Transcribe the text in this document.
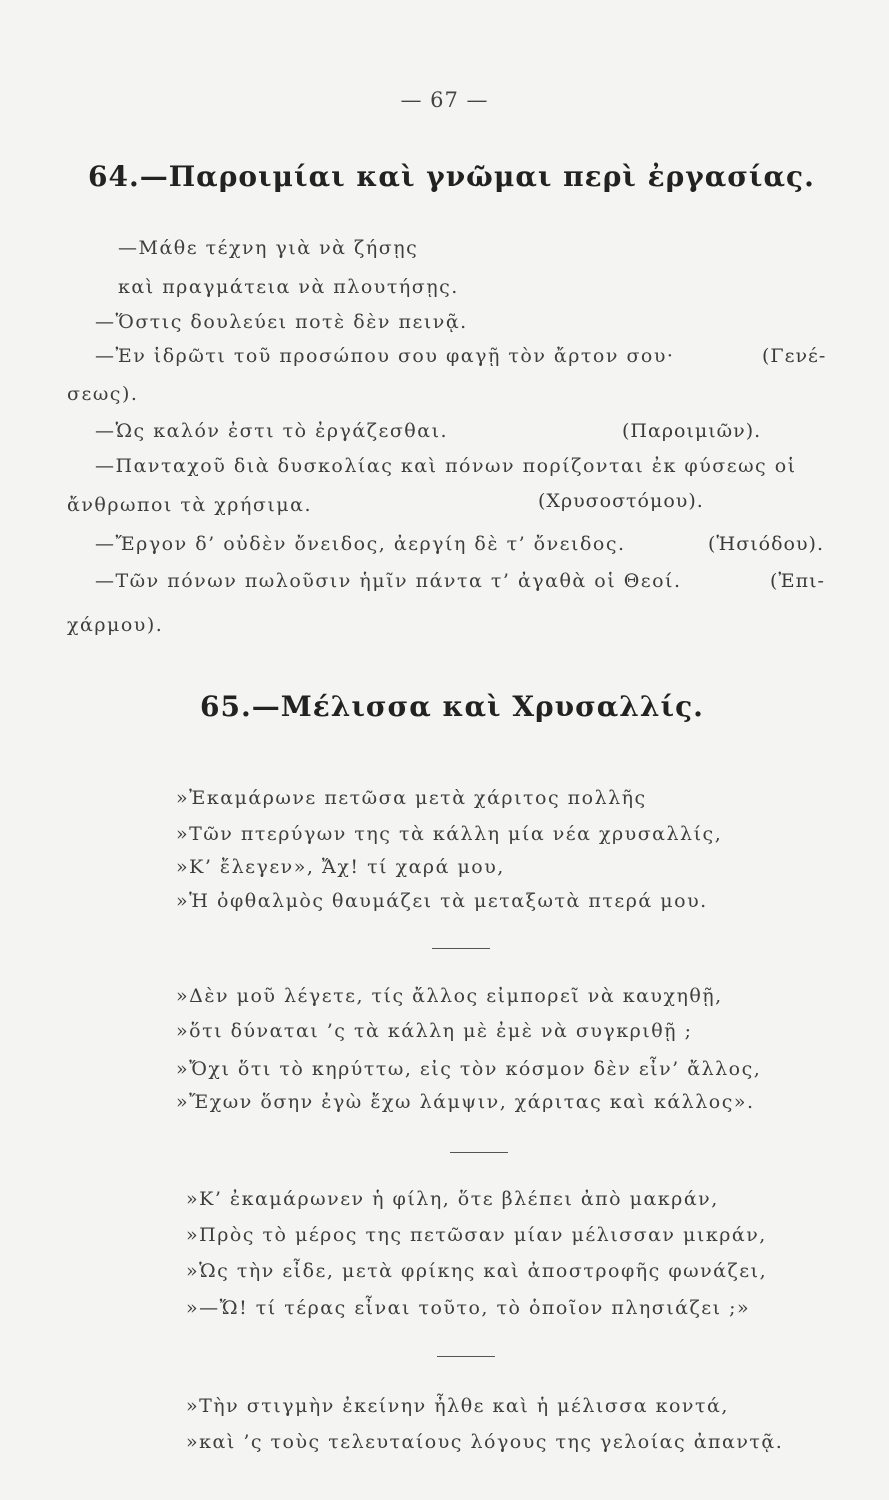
— 67 —
64.—Παροιμίαι καὶ γνῶμαι περὶ ἐργασίας.
—Μάθε τέχνη γιὰ νὰ ζήσῃς
καὶ πραγμάτεια νὰ πλουτήσῃς.
—Ὅστις δουλεύει ποτὲ δὲν πεινᾷ.
—Ἐν ἱδρῶτι τοῦ προσώπου σου φαγῇ τὸν ἄρτον σου·	(Γενέ-
σεως).
—Ὡς καλόν ἐστι τὸ ἐργάζεσθαι.	(Παροιμιῶν).
—Πανταχοῦ διὰ δυσκολίας καὶ πόνων πορίζονται ἐκ φύσεως οἱ
ἄνθρωποι τὰ χρήσιμα.	(Χρυσοστόμου).
—Ἔργον δ’ οὐδὲν ὄνειδος, ἀεργίη δὲ τ’ ὄνειδος.	(Ἡσιόδου).
—Τῶν πόνων πωλοῦσιν ἡμῖν πάντα τ’ ἀγαθὰ οἱ Θεοί.	(Ἐπι-
χάρμου).
65.—Μέλισσα καὶ Χρυσαλλίς.
»Ἐκαμάρωνε πετῶσα μετὰ χάριτος πολλῆς
»Τῶν πτερύγων της τὰ κάλλη μία νέα χρυσαλλίς,
»Κ’ ἔλεγεν», Ἄχ! τί χαρά μου,
»Ἡ ὀφθαλμὸς θαυμάζει τὰ μεταξωτὰ πτερά μου.
»Δὲν μοῦ λέγετε, τίς ἄλλος εἰμπορεῖ νὰ καυχηθῇ,
»ὅτι δύναται ’ς τὰ κάλλη μὲ ἐμὲ νὰ συγκριθῇ ;
»Ὄχι ὅτι τὸ κηρύττω, εἰς τὸν κόσμον δὲν εἶν’ ἄλλος,
»Ἔχων ὅσην ἐγὼ ἔχω λάμψιν, χάριτας καὶ κάλλος».
»Κ’ ἐκαμάρωνεν ἡ φίλη, ὅτε βλέπει ἀπὸ μακράν,
»Πρὸς τὸ μέρος της πετῶσαν μίαν μέλισσαν μικράν,
»Ὡς τὴν εἶδε, μετὰ φρίκης καὶ ἀποστροφῆς φωνάζει,
»—Ὤ! τί τέρας εἶναι τοῦτο, τὸ ὁποῖον πλησιάζει ;»
»Τὴν στιγμὴν ἐκείνην ἦλθε καὶ ἡ μέλισσα κοντά,
»καὶ ’ς τοὺς τελευταίους λόγους της γελοίας ἀπαντᾷ.
